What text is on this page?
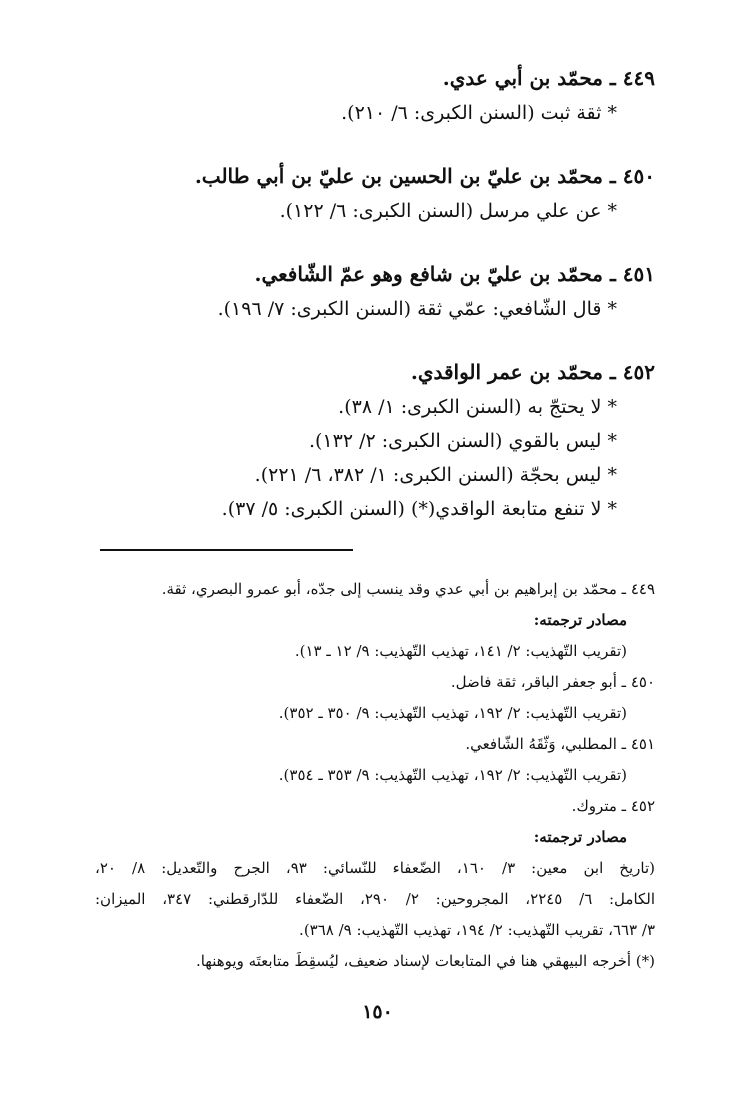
٤٤٩ ـ محمّد بن أبي عدي.
* ثقة ثبت (السنن الكبرى: ٦/ ٢١٠).
٤٥٠ ـ محمّد بن عليّ بن الحسين بن عليّ بن أبي طالب.
* عن علي مرسل (السنن الكبرى: ٦/ ١٢٢).
٤٥١ ـ محمّد بن عليّ بن شافع وهو عمّ الشّافعي.
* قال الشّافعي: عمّي ثقة (السنن الكبرى: ٧/ ١٩٦).
٤٥٢ ـ محمّد بن عمر الواقدي.
* لا يحتجّ به (السنن الكبرى: ١/ ٣٨).
* ليس بالقوي (السنن الكبرى: ٢/ ١٣٢).
* ليس بحجّة (السنن الكبرى: ١/ ٣٨٢، ٦/ ٢٢١).
* لا تنفع متابعة الواقدي(*) (السنن الكبرى: ٥/ ٣٧).
٤٤٩ ـ محمّد بن إبراهيم بن أبي عدي وقد ينسب إلى جدّه، أبو عمرو البصري، ثقة.
مصادر ترجمته:
(تقريب التّهذيب: ٢/ ١٤١، تهذيب التّهذيب: ٩/ ١٢ ـ ١٣).
٤٥٠ ـ أبو جعفر الباقر، ثقة فاضل.
(تقريب التّهذيب: ٢/ ١٩٢، تهذيب التّهذيب: ٩/ ٣٥٠ ـ ٣٥٢).
٤٥١ ـ المطلبي، وَثّقَهُ الشّافعي.
(تقريب التّهذيب: ٢/ ١٩٢، تهذيب التّهذيب: ٩/ ٣٥٣ ـ ٣٥٤).
٤٥٢ ـ متروك.
مصادر ترجمته:
(تاريخ ابن معين: ٣/ ١٦٠، الضّعفاء للنّسائي: ٩٣، الجرح والتّعديل: ٨/ ٢٠،
الكامل: ٦/ ٢٢٤٥، المجروحين: ٢/ ٢٩٠، الضّعفاء للدّارقطني: ٣٤٧، الميزان:
٣/ ٦٦٣، تقريب التّهذيب: ٢/ ١٩٤، تهذيب التّهذيب: ٩/ ٣٦٨).
(*) أخرجه البيهقي هنا في المتابعات لإسناد ضعيف، ليُسقِطَ متابعتَه ويوهنها.
١٥٠
